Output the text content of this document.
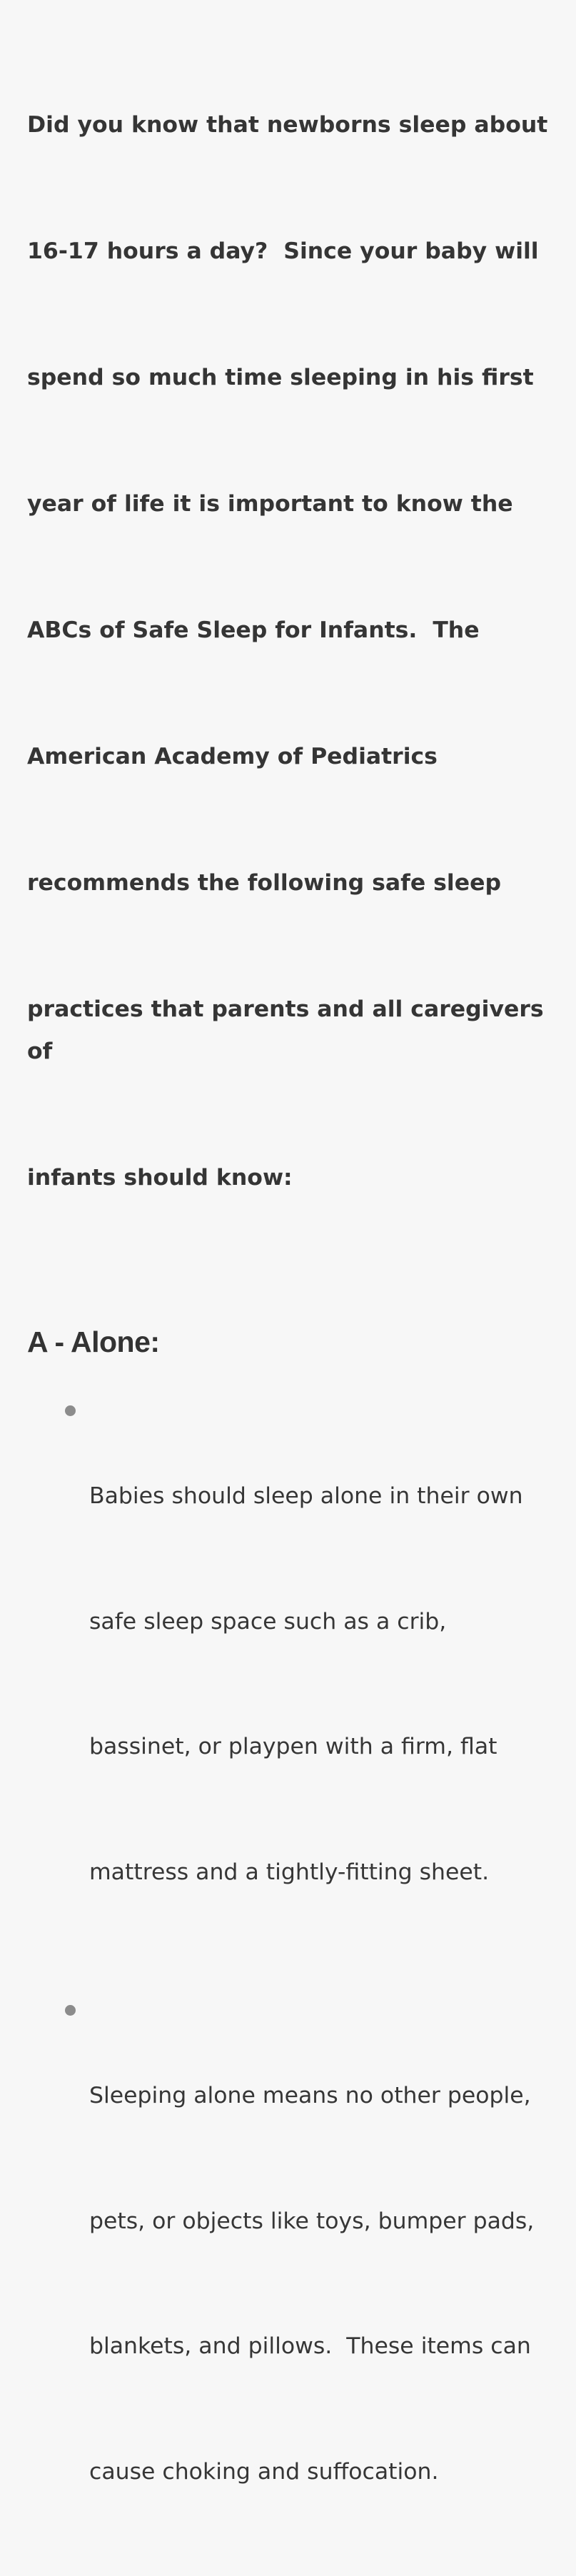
Did you know that newborns sleep about

16-17 hours a day?  Since your baby will

spend so much time sleeping in his first

year of life it is important to know the

ABCs of Safe Sleep for Infants.  The

American Academy of Pediatrics

recommends the following safe sleep

practices that parents and all caregivers of

infants should know:

A - Alone:

Babies should sleep alone in their own

safe sleep space such as a crib,

bassinet, or playpen with a firm, flat

mattress and a tightly-fitting sheet.

Sleeping alone means no other people,

pets, or objects like toys, bumper pads,

blankets, and pillows.  These items can

cause choking and suffocation.
